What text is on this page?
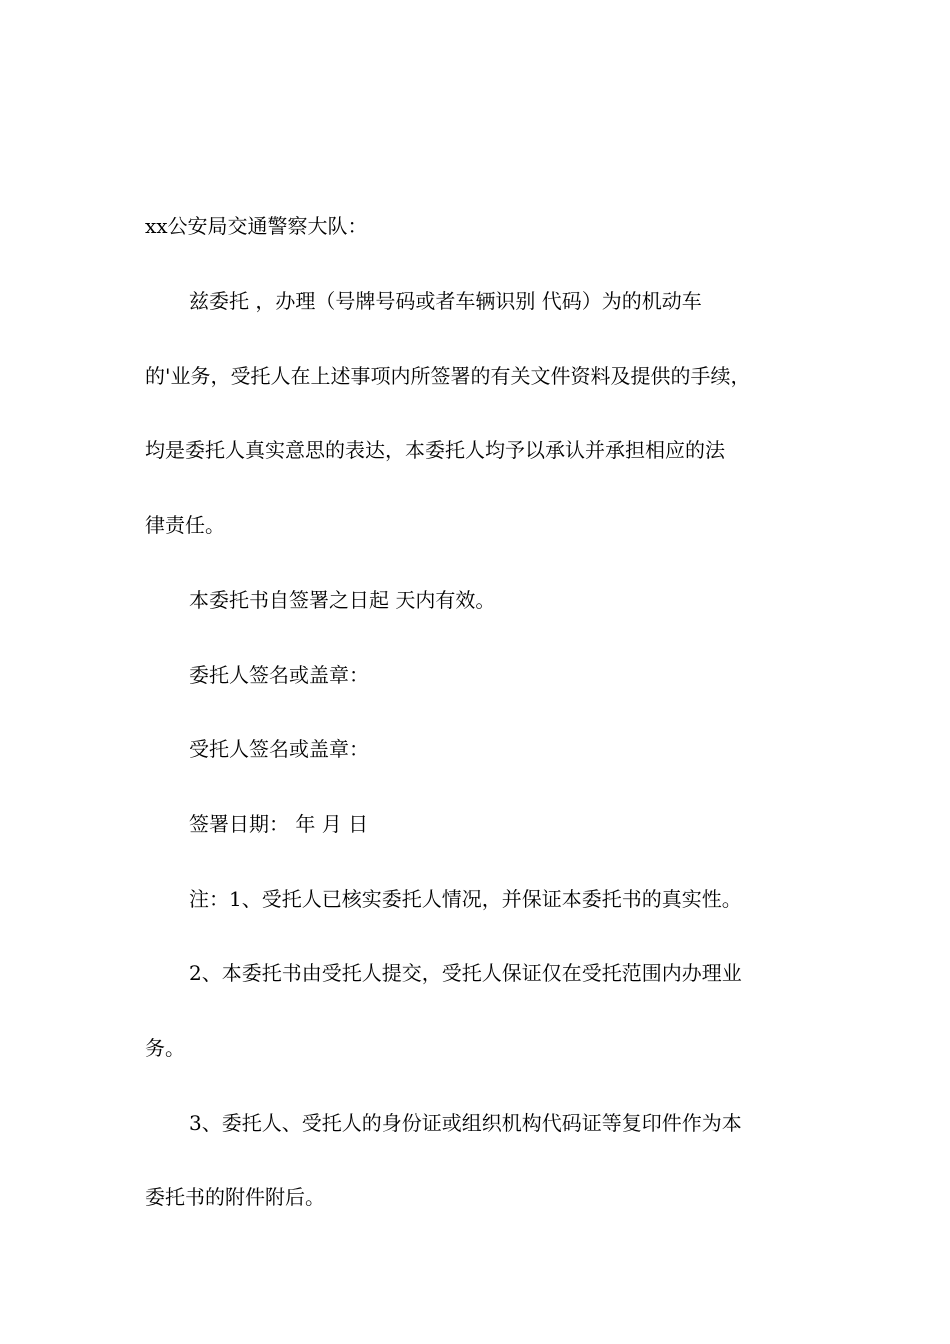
xx公安局交通警察大队：

兹委托 ，办理（号牌号码或者车辆识别 代码）为的机动车

的'业务，受托人在上述事项内所签署的有关文件资料及提供的手续，

均是委托人真实意思的表达，本委托人均予以承认并承担相应的法

律责任。

本委托书自签署之日起 天内有效。

委托人签名或盖章：

受托人签名或盖章：

签署日期： 年 月 日

注：1、受托人已核实委托人情况，并保证本委托书的真实性。

2、本委托书由受托人提交，受托人保证仅在受托范围内办理业

务。

3、委托人、受托人的身份证或组织机构代码证等复印件作为本

委托书的附件附后。
